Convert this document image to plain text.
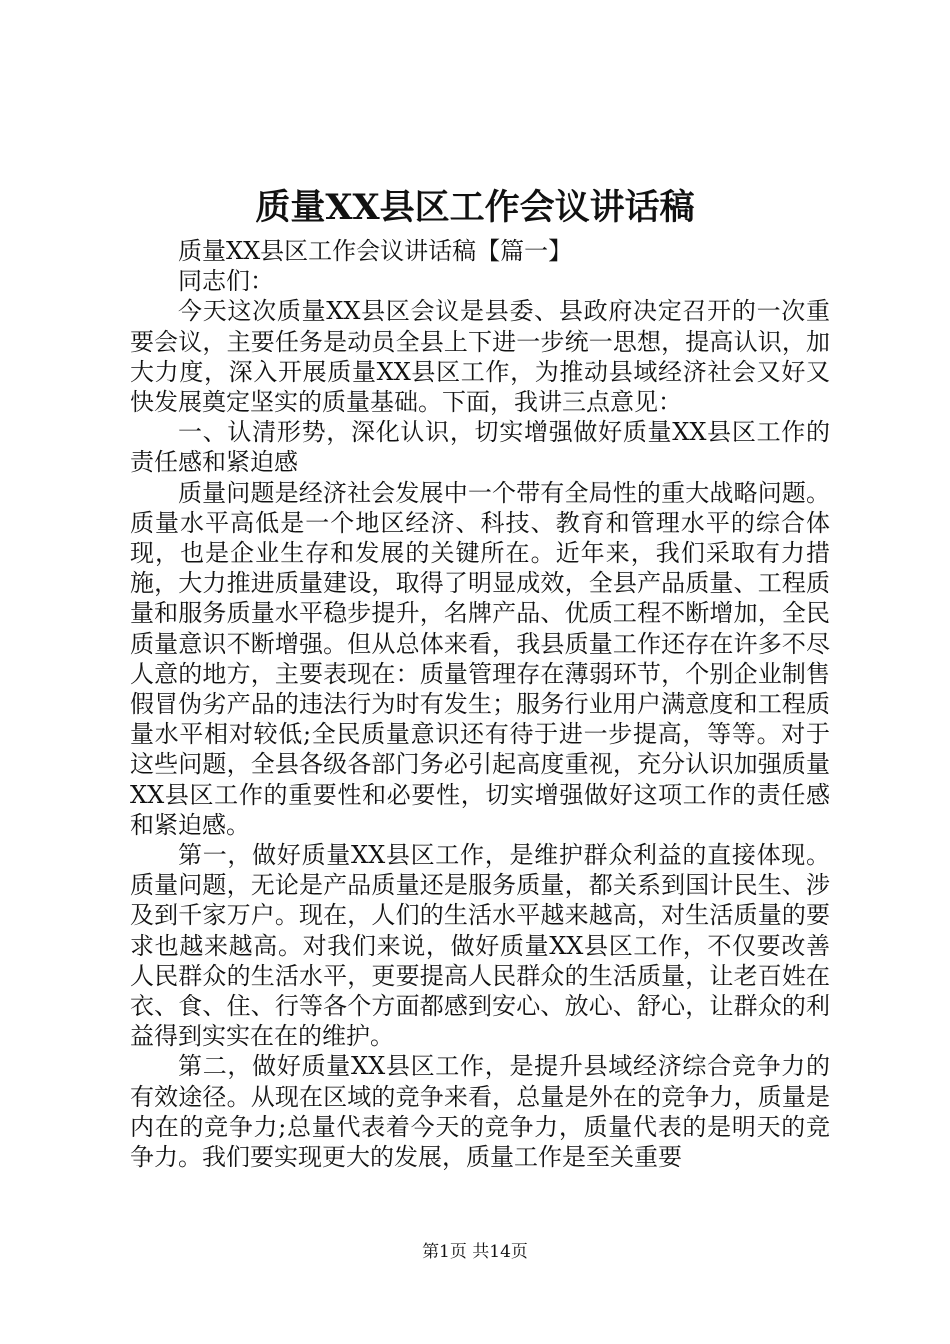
质量XX县区工作会议讲话稿

质量XX县区工作会议讲话稿【篇一】

同志们：

今天这次质量XX县区会议是县委、县政府决定召开的一次重要会议，主要任务是动员全县上下进一步统一思想，提高认识，加大力度，深入开展质量XX县区工作，为推动县域经济社会又好又快发展奠定坚实的质量基础。下面，我讲三点意见：

一、认清形势，深化认识，切实增强做好质量XX县区工作的责任感和紧迫感

质量问题是经济社会发展中一个带有全局性的重大战略问题。质量水平高低是一个地区经济、科技、教育和管理水平的综合体现，也是企业生存和发展的关键所在。近年来，我们采取有力措施，大力推进质量建设，取得了明显成效，全县产品质量、工程质量和服务质量水平稳步提升，名牌产品、优质工程不断增加，全民质量意识不断增强。但从总体来看，我县质量工作还存在许多不尽人意的地方，主要表现在：质量管理存在薄弱环节，个别企业制售假冒伪劣产品的违法行为时有发生；服务行业用户满意度和工程质量水平相对较低;全民质量意识还有待于进一步提高，等等。对于这些问题，全县各级各部门务必引起高度重视，充分认识加强质量XX县区工作的重要性和必要性，切实增强做好这项工作的责任感和紧迫感。

第一，做好质量XX县区工作，是维护群众利益的直接体现。质量问题，无论是产品质量还是服务质量，都关系到国计民生、涉及到千家万户。现在，人们的生活水平越来越高，对生活质量的要求也越来越高。对我们来说，做好质量XX县区工作，不仅要改善人民群众的生活水平，更要提高人民群众的生活质量，让老百姓在衣、食、住、行等各个方面都感到安心、放心、舒心，让群众的利益得到实实在在的维护。

第二，做好质量XX县区工作，是提升县域经济综合竞争力的有效途径。从现在区域的竞争来看，总量是外在的竞争力，质量是内在的竞争力;总量代表着今天的竞争力，质量代表的是明天的竞争力。我们要实现更大的发展，质量工作是至关重要

第1页 共14页
